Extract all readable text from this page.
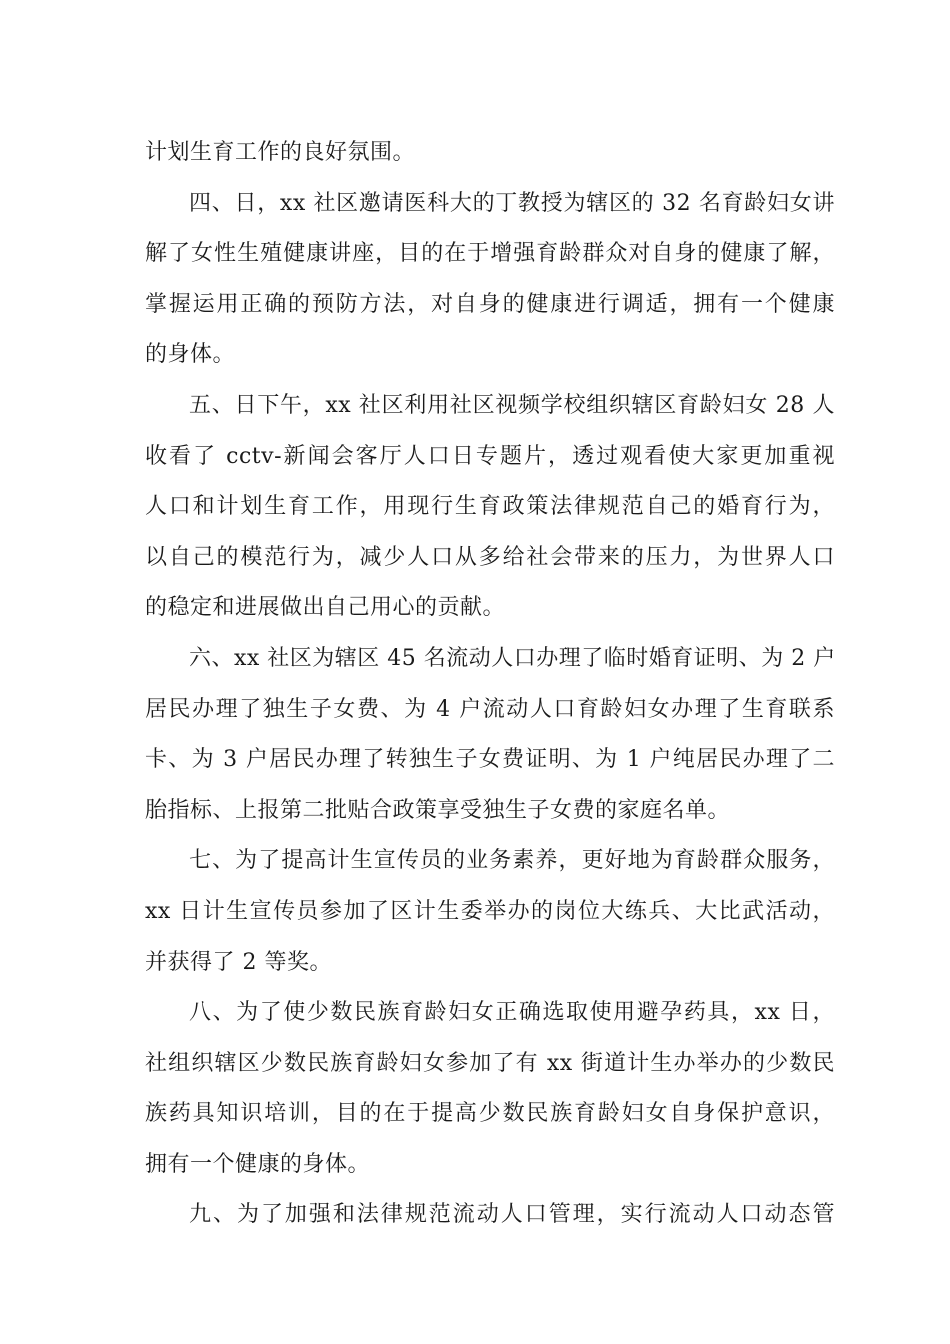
计划生育工作的良好氛围。
四、日，xx 社区邀请医科大的丁教授为辖区的 32 名育龄妇女讲
解了女性生殖健康讲座，目的在于增强育龄群众对自身的健康了解，
掌握运用正确的预防方法，对自身的健康进行调适，拥有一个健康
的身体。
五、日下午，xx 社区利用社区视频学校组织辖区育龄妇女 28 人
收看了 cctv-新闻会客厅人口日专题片，透过观看使大家更加重视
人口和计划生育工作，用现行生育政策法律规范自己的婚育行为，
以自己的模范行为，减少人口从多给社会带来的压力，为世界人口
的稳定和进展做出自己用心的贡献。
六、xx 社区为辖区 45 名流动人口办理了临时婚育证明、为 2 户
居民办理了独生子女费、为 4 户流动人口育龄妇女办理了生育联系
卡、为 3 户居民办理了转独生子女费证明、为 1 户纯居民办理了二
胎指标、上报第二批贴合政策享受独生子女费的家庭名单。
七、为了提高计生宣传员的业务素养，更好地为育龄群众服务，
xx 日计生宣传员参加了区计生委举办的岗位大练兵、大比武活动，
并获得了 2 等奖。
八、为了使少数民族育龄妇女正确选取使用避孕药具，xx 日，
社组织辖区少数民族育龄妇女参加了有 xx 街道计生办举办的少数民
族药具知识培训，目的在于提高少数民族育龄妇女自身保护意识，
拥有一个健康的身体。
九、为了加强和法律规范流动人口管理，实行流动人口动态管
